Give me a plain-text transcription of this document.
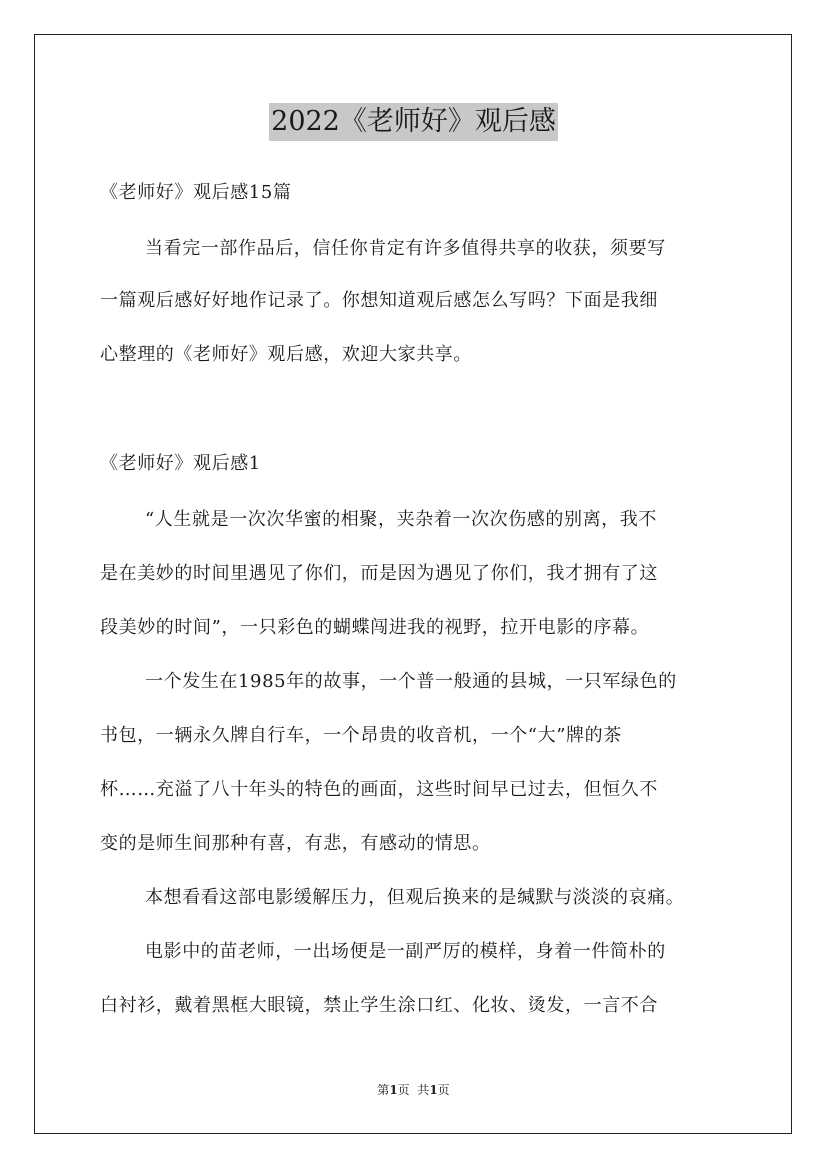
2022《老师好》观后感
《老师好》观后感15篇
当看完一部作品后，信任你肯定有许多值得共享的收获，须要写
一篇观后感好好地作记录了。你想知道观后感怎么写吗？下面是我细
心整理的《老师好》观后感，欢迎大家共享。
《老师好》观后感1
“人生就是一次次华蜜的相聚，夹杂着一次次伤感的别离，我不
是在美妙的时间里遇见了你们，而是因为遇见了你们，我才拥有了这
段美妙的时间”，一只彩色的蝴蝶闯进我的视野，拉开电影的序幕。
一个发生在1985年的故事，一个普一般通的县城，一只军绿色的
书包，一辆永久牌自行车，一个昂贵的收音机，一个“大”牌的茶
杯……充溢了八十年头的特色的画面，这些时间早已过去，但恒久不
变的是师生间那种有喜，有悲，有感动的情思。
本想看看这部电影缓解压力，但观后换来的是缄默与淡淡的哀痛。
电影中的苗老师，一出场便是一副严厉的模样，身着一件简朴的
白衬衫，戴着黑框大眼镜，禁止学生涂口红、化妆、烫发，一言不合
第1页  共1页
